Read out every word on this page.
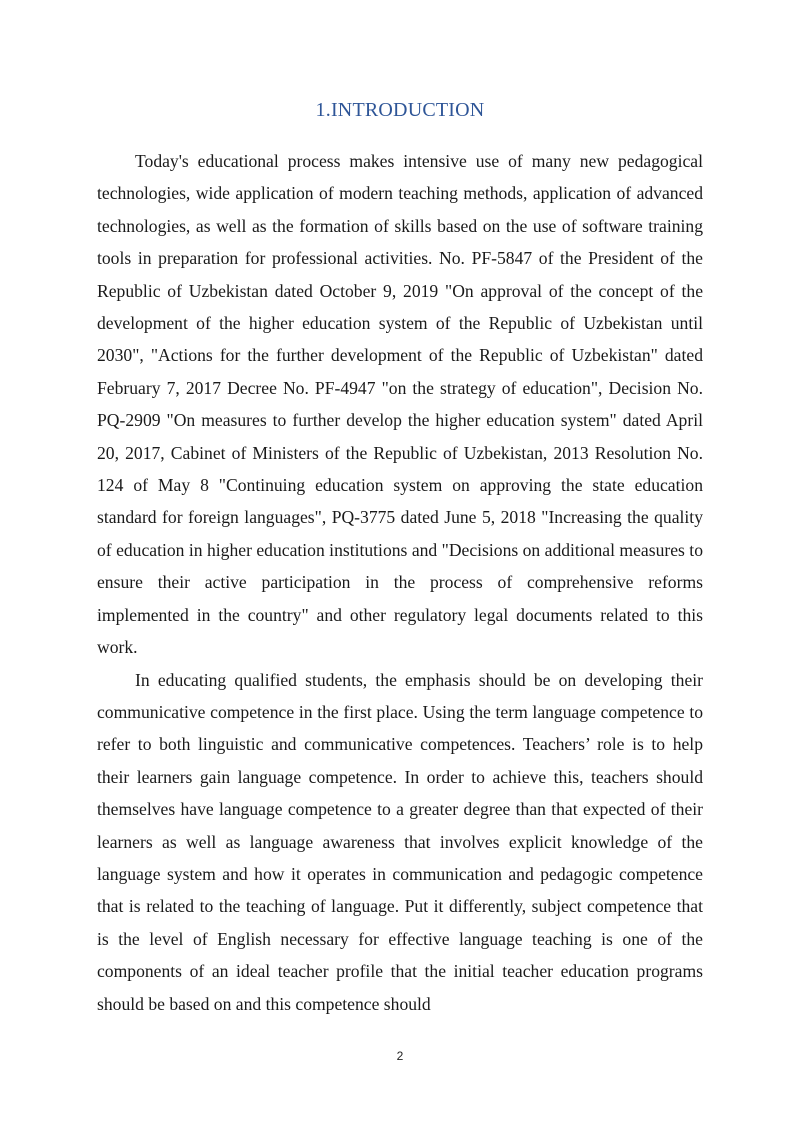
1.INTRODUCTION

Today's educational process makes intensive use of many new pedagogical technologies, wide application of modern teaching methods, application of advanced technologies, as well as the formation of skills based on the use of software training tools in preparation for professional activities. No. PF-5847 of the President of the Republic of Uzbekistan dated October 9, 2019 "On approval of the concept of the development of the higher education system of the Republic of Uzbekistan until 2030", "Actions for the further development of the Republic of Uzbekistan" dated February 7, 2017 Decree No. PF-4947 "on the strategy of education", Decision No. PQ-2909 "On measures to further develop the higher education system" dated April 20, 2017, Cabinet of Ministers of the Republic of Uzbekistan, 2013 Resolution No. 124 of May 8 "Continuing education system on approving the state education standard for foreign languages", PQ-3775 dated June 5, 2018 "Increasing the quality of education in higher education institutions and "Decisions on additional measures to ensure their active participation in the process of comprehensive reforms implemented in the country" and other regulatory legal documents related to this work.

In educating qualified students, the emphasis should be on developing their communicative competence in the first place. Using the term language competence to refer to both linguistic and communicative competences. Teachers’ role is to help their learners gain language competence. In order to achieve this, teachers should themselves have language competence to a greater degree than that expected of their learners as well as language awareness that involves explicit knowledge of the language system and how it operates in communication and pedagogic competence that is related to the teaching of language. Put it differently, subject competence that is the level of English necessary for effective language teaching is one of the components of an ideal teacher profile that the initial teacher education programs should be based on and this competence should

2
